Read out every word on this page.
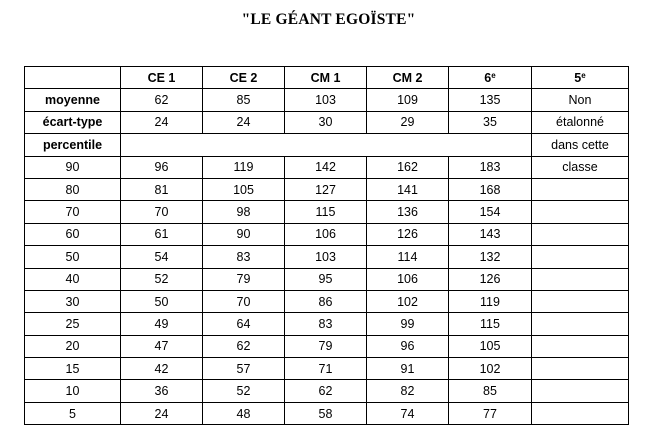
"LE GÉANT EGOÏSTE"
	CE 1	CE 2	CM 1	CM 2	6e	5e
moyenne	62	85	103	109	135	Non
écart-type	24	24	30	29	35	étalonné
percentile						dans cette
90	96	119	142	162	183	classe
80	81	105	127	141	168	
70	70	98	115	136	154	
60	61	90	106	126	143	
50	54	83	103	114	132	
40	52	79	95	106	126	
30	50	70	86	102	119	
25	49	64	83	99	115	
20	47	62	79	96	105	
15	42	57	71	91	102	
10	36	52	62	82	85	
5	24	48	58	74	77	
